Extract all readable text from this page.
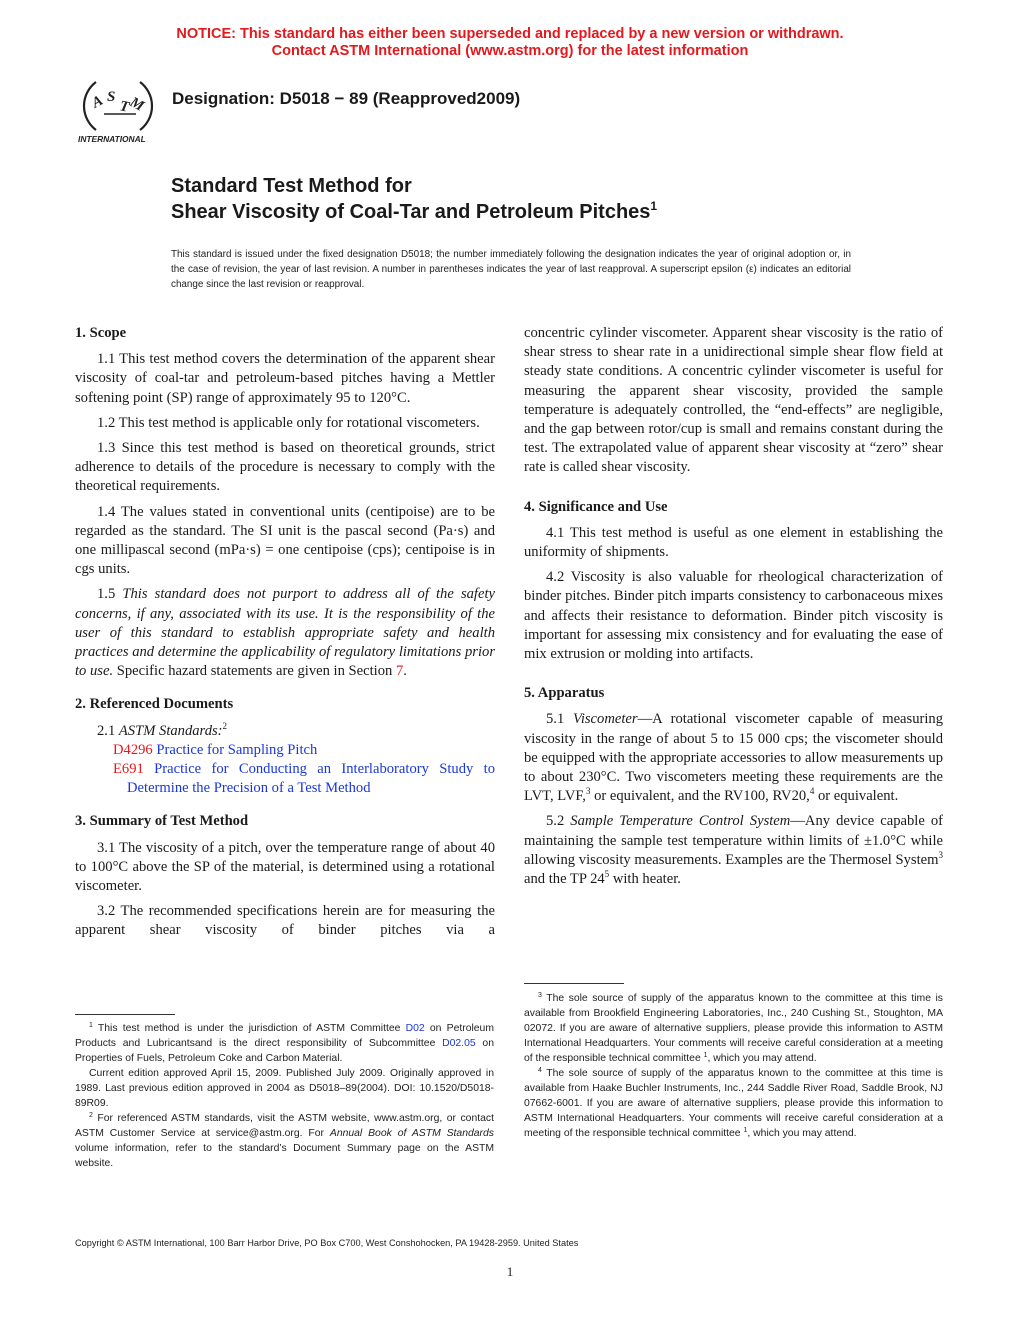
NOTICE: This standard has either been superseded and replaced by a new version or withdrawn.
Contact ASTM International (www.astm.org) for the latest information
A S
T
M
INTERNATIONAL
Designation: D5018 − 89 (Reapproved2009)
Standard Test Method for
Shear Viscosity of Coal-Tar and Petroleum Pitches$^1$
This standard is issued under the fixed designation D5018; the number immediately following the designation indicates the year of original adoption or, in the case of revision, the year of last revision. A number in parentheses indicates the year of last reapproval. A superscript epsilon (ε) indicates an editorial change since the last revision or reapproval.
1. Scope

1.1 This test method covers the determination of the apparent shear viscosity of coal-tar and petroleum-based pitches having a Mettler softening point (SP) range of approximately 95 to 120°C.

1.2 This test method is applicable only for rotational viscometers.

1.3 Since this test method is based on theoretical grounds, strict adherence to details of the procedure is necessary to comply with the theoretical requirements.

1.4 The values stated in conventional units (centipoise) are to be regarded as the standard. The SI unit is the pascal second (Pa·s) and one millipascal second (mPa·s) = one centipoise (cps); centipoise is in cgs units.

1.5 This standard does not purport to address all of the safety concerns, if any, associated with its use. It is the responsibility of the user of this standard to establish appropriate safety and health practices and determine the applicability of regulatory limitations prior to use. Specific hazard statements are given in Section 7.

2. Referenced Documents

2.1 ASTM Standards:$^2$

D4296 Practice for Sampling Pitch
E691 Practice for Conducting an Interlaboratory Study to Determine the Precision of a Test Method
3. Summary of Test Method

3.1 The viscosity of a pitch, over the temperature range of about 40 to 100°C above the SP of the material, is determined using a rotational viscometer.

3.2 The recommended specifications herein are for measuring the apparent shear viscosity of binder pitches via a

concentric cylinder viscometer. Apparent shear viscosity is the ratio of shear stress to shear rate in a unidirectional simple shear flow field at steady state conditions. A concentric cylinder viscometer is useful for measuring the apparent shear viscosity, provided the sample temperature is adequately controlled, the “end-effects” are negligible, and the gap between rotor/cup is small and remains constant during the test. The extrapolated value of apparent shear viscosity at “zero” shear rate is called shear viscosity.

4. Significance and Use

4.1 This test method is useful as one element in establishing the uniformity of shipments.

4.2 Viscosity is also valuable for rheological characterization of binder pitches. Binder pitch imparts consistency to carbonaceous mixes and affects their resistance to deformation. Binder pitch viscosity is important for assessing mix consistency and for evaluating the ease of mix extrusion or molding into artifacts.

5. Apparatus

5.1 Viscometer—A rotational viscometer capable of measuring viscosity in the range of about 5 to 15 000 cps; the viscometer should be equipped with the appropriate accessories to allow measurements up to about 230°C. Two viscometers meeting these requirements are the LVT, LVF,$^3$ or equivalent, and the RV100, RV20,$^4$ or equivalent.

5.2 Sample Temperature Control System—Any device capable of maintaining the sample test temperature within limits of ±1.0°C while allowing viscosity measurements. Examples are the Thermosel System$^3$ and the TP $24^5$ with heater.

$^1$ This test method is under the jurisdiction of ASTM Committee D02 on Petroleum Products and Lubricantsand is the direct responsibility of Subcommittee D02.05 on Properties of Fuels, Petroleum Coke and Carbon Material.

Current edition approved April 15, 2009. Published July 2009. Originally approved in 1989. Last previous edition approved in 2004 as D5018–89(2004). DOI: 10.1520/D5018-89R09.

$^2$ For referenced ASTM standards, visit the ASTM website, www.astm.org, or contact ASTM Customer Service at service@astm.org. For Annual Book of ASTM Standards volume information, refer to the standard’s Document Summary page on the ASTM website.

$^3$ The sole source of supply of the apparatus known to the committee at this time is available from Brookfield Engineering Laboratories, Inc., 240 Cushing St., Stoughton, MA 02072. If you are aware of alternative suppliers, please provide this information to ASTM International Headquarters. Your comments will receive careful consideration at a meeting of the responsible technical committee $^1$, which you may attend.

$^4$ The sole source of supply of the apparatus known to the committee at this time is available from Haake Buchler Instruments, Inc., 244 Saddle River Road, Saddle Brook, NJ 07662-6001. If you are aware of alternative suppliers, please provide this information to ASTM International Headquarters. Your comments will receive careful consideration at a meeting of the responsible technical committee $^1$, which you may attend.

Copyright © ASTM International, 100 Barr Harbor Drive, PO Box C700, West Conshohocken, PA 19428-2959. United States
1
